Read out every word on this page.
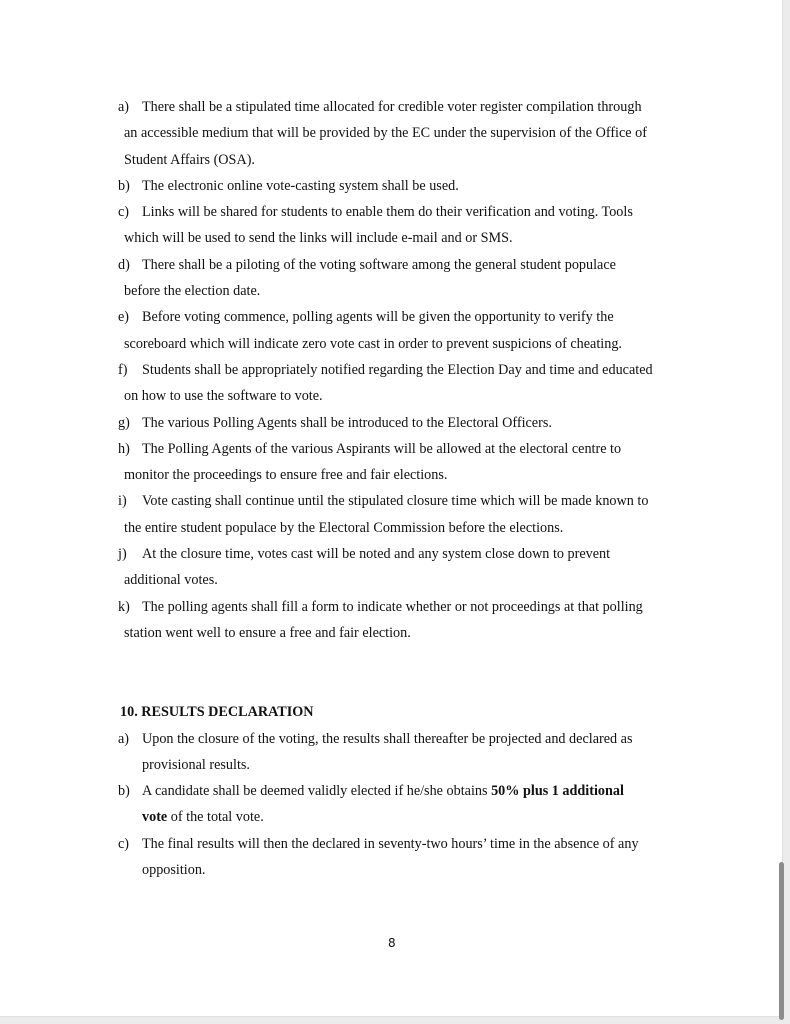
a) There shall be a stipulated time allocated for credible voter register compilation through
an accessible medium that will be provided by the EC under the supervision of the Office of
Student Affairs (OSA).
b) The electronic online vote-casting system shall be used.
c) Links will be shared for students to enable them do their verification and voting. Tools
which will be used to send the links will include e-mail and or SMS.
d) There shall be a piloting of the voting software among the general student populace
before the election date.
e) Before voting commence, polling agents will be given the opportunity to verify the
scoreboard which will indicate zero vote cast in order to prevent suspicions of cheating.
f) Students shall be appropriately notified regarding the Election Day and time and educated
on how to use the software to vote.
g) The various Polling Agents shall be introduced to the Electoral Officers.
h) The Polling Agents of the various Aspirants will be allowed at the electoral centre to
monitor the proceedings to ensure free and fair elections.
i) Vote casting shall continue until the stipulated closure time which will be made known to
the entire student populace by the Electoral Commission before the elections.
j) At the closure time, votes cast will be noted and any system close down to prevent
additional votes.
k) The polling agents shall fill a form to indicate whether or not proceedings at that polling
station went well to ensure a free and fair election.
10. RESULTS DECLARATION
a) Upon the closure of the voting, the results shall thereafter be projected and declared as
provisional results.
b) A candidate shall be deemed validly elected if he/she obtains 50% plus 1 additional
vote of the total vote.
c) The final results will then the declared in seventy-two hours’ time in the absence of any
opposition.
8
